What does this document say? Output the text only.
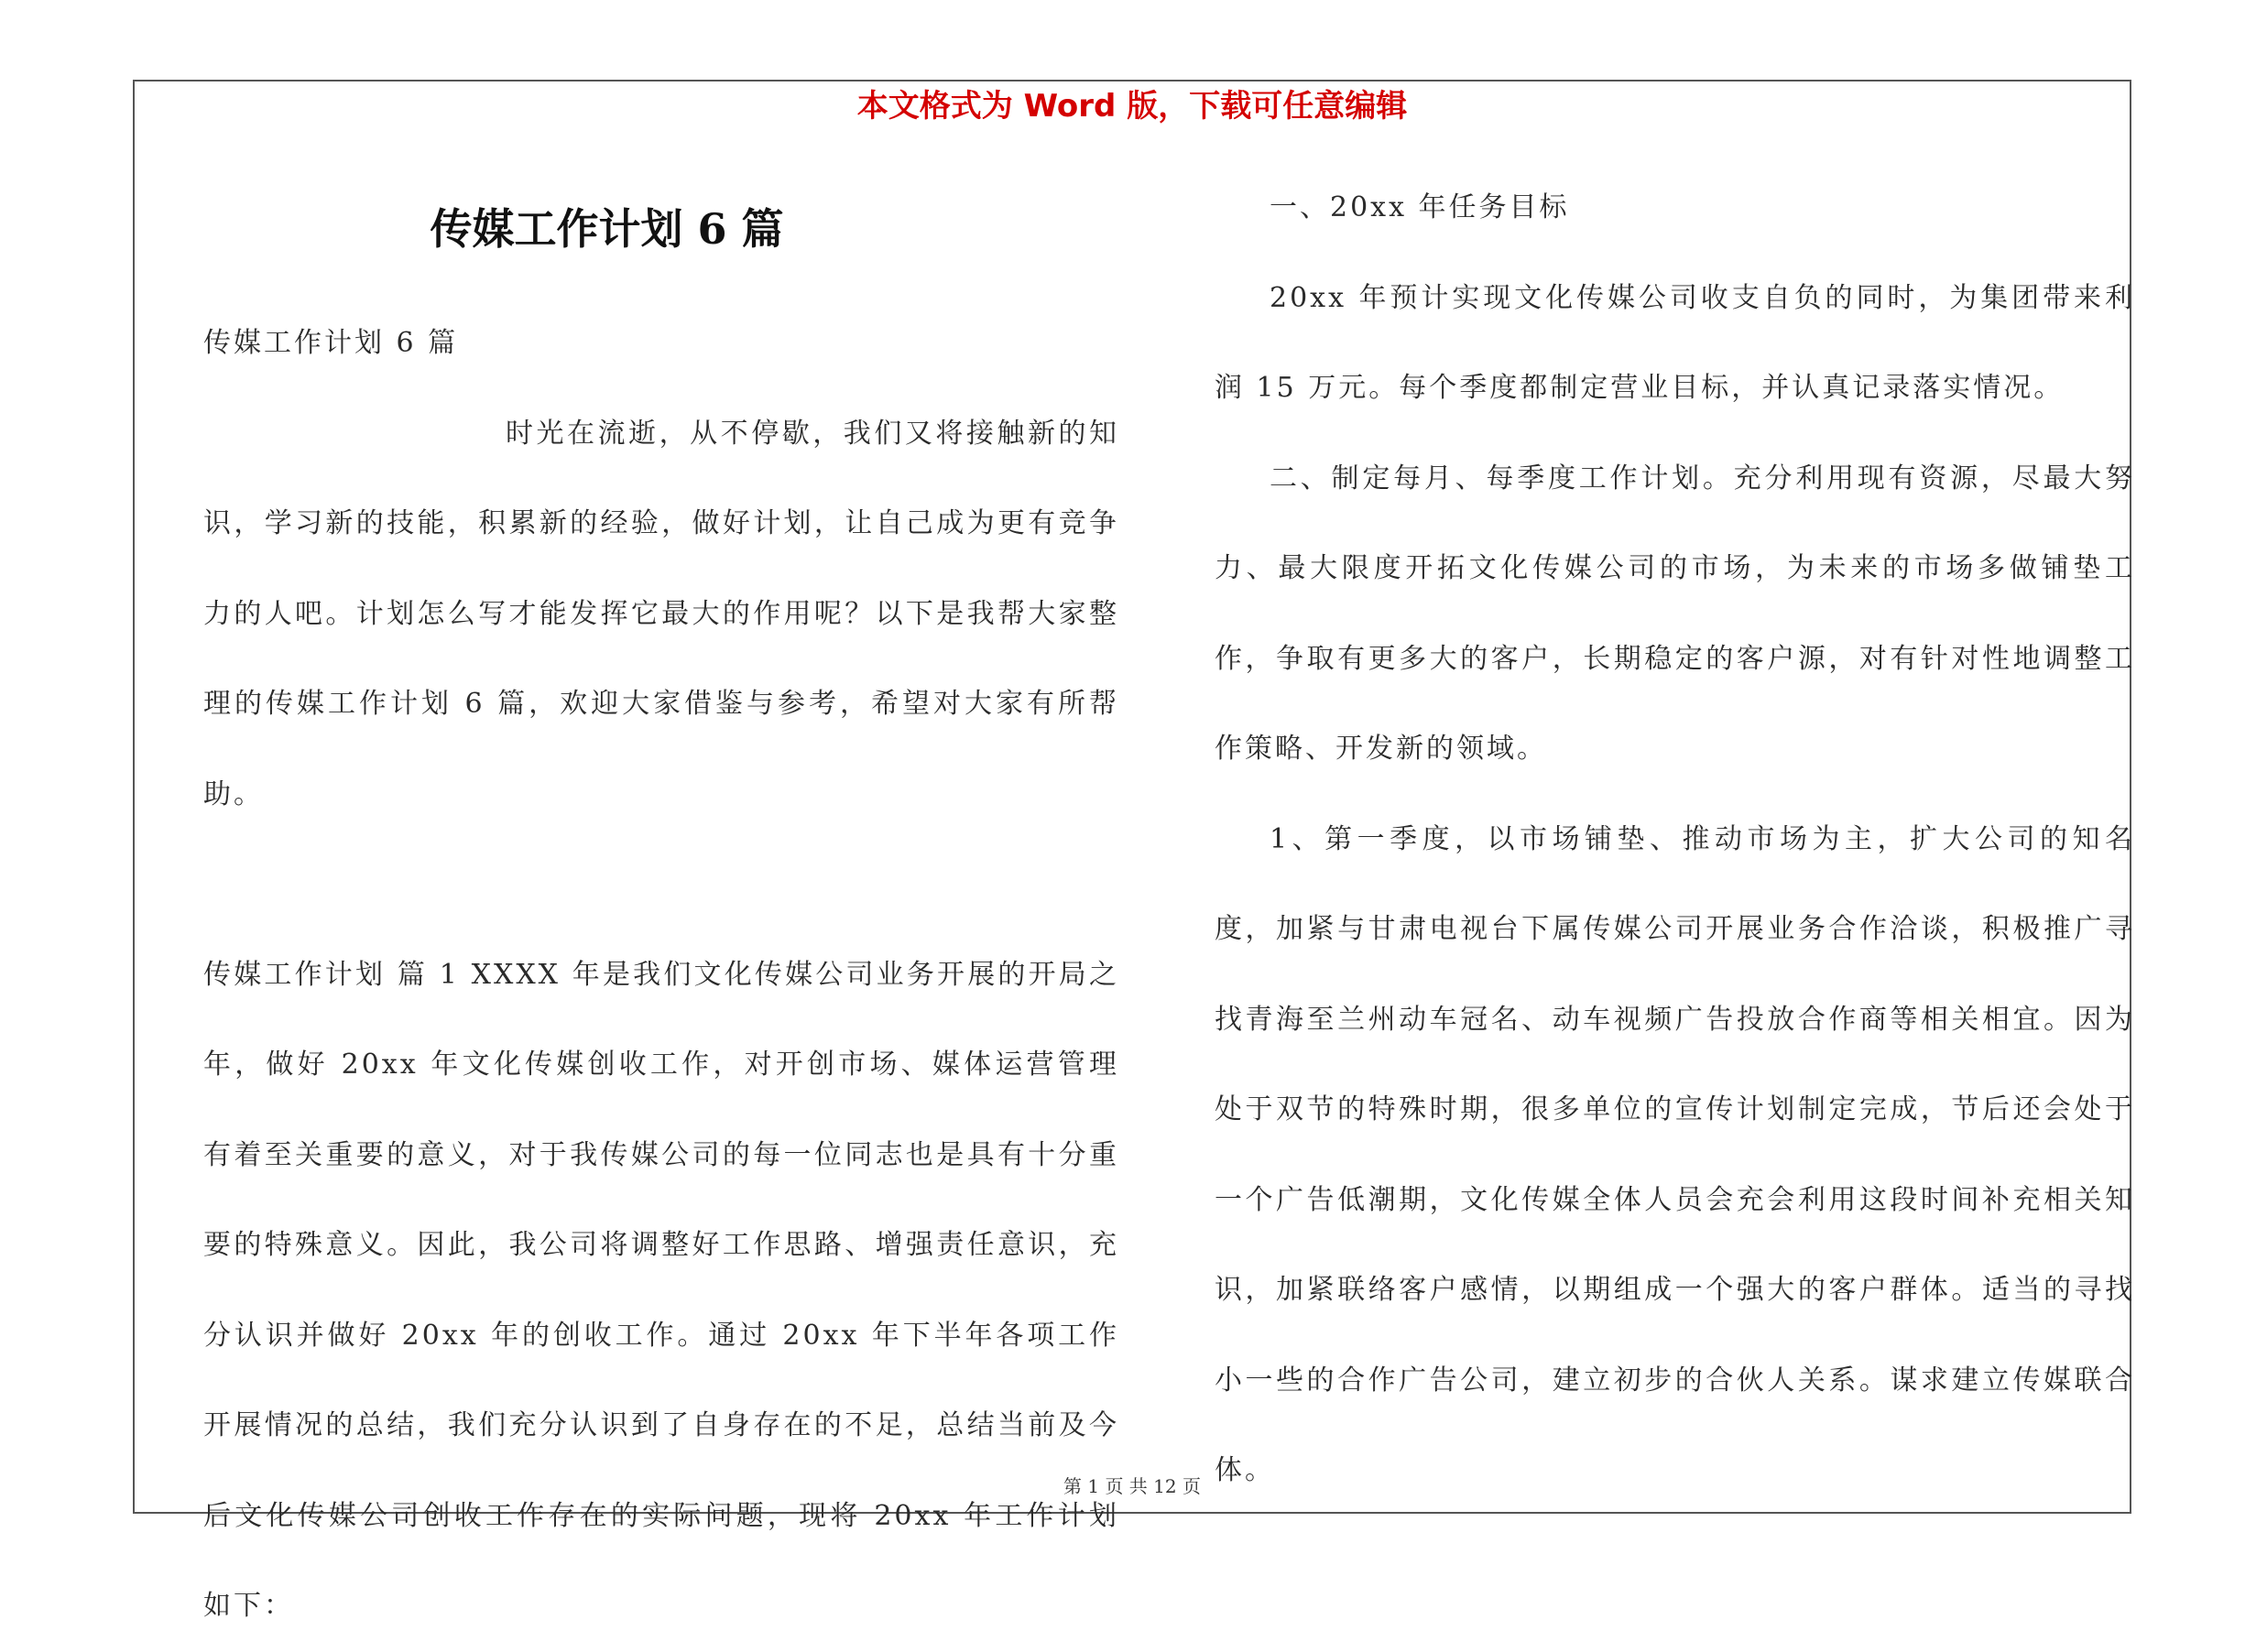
本文格式为 Word 版，下载可任意编辑
传媒工作计划 6 篇

传媒工作计划 6 篇

时光在流逝，从不停歇，我们又将接触新的知识，学习新的技能，积累新的经验，做好计划，让自己成为更有竞争力的人吧。计划怎么写才能发挥它最大的作用呢？以下是我帮大家整理的传媒工作计划 6 篇，欢迎大家借鉴与参考，希望对大家有所帮助。

传媒工作计划 篇 1 XXXX 年是我们文化传媒公司业务开展的开局之年，做好 20xx 年文化传媒创收工作，对开创市场、媒体运营管理有着至关重要的意义，对于我传媒公司的每一位同志也是具有十分重要的特殊意义。因此，我公司将调整好工作思路、增强责任意识，充分认识并做好 20xx 年的创收工作。通过 20xx 年下半年各项工作开展情况的总结，我们充分认识到了自身存在的不足，总结当前及今后文化传媒公司创收工作存在的实际问题，现将 20xx 年工作计划如下：

一、20xx 年任务目标

20xx 年预计实现文化传媒公司收支自负的同时，为集团带来利润 15 万元。每个季度都制定营业目标，并认真记录落实情况。

二、制定每月、每季度工作计划。充分利用现有资源，尽最大努力、最大限度开拓文化传媒公司的市场，为未来的市场多做铺垫工作，争取有更多大的客户，长期稳定的客户源，对有针对性地调整工作策略、开发新的领域。

1、第一季度，以市场铺垫、推动市场为主，扩大公司的知名度，加紧与甘肃电视台下属传媒公司开展业务合作洽谈，积极推广寻找青海至兰州动车冠名、动车视频广告投放合作商等相关相宜。因为处于双节的特殊时期，很多单位的宣传计划制定完成，节后还会处于一个广告低潮期，文化传媒全体人员会充会利用这段时间补充相关知识，加紧联络客户感情，以期组成一个强大的客户群体。适当的寻找小一些的合作广告公司，建立初步的合伙人关系。谋求建立传媒联合体。

第 1 页 共 12 页
